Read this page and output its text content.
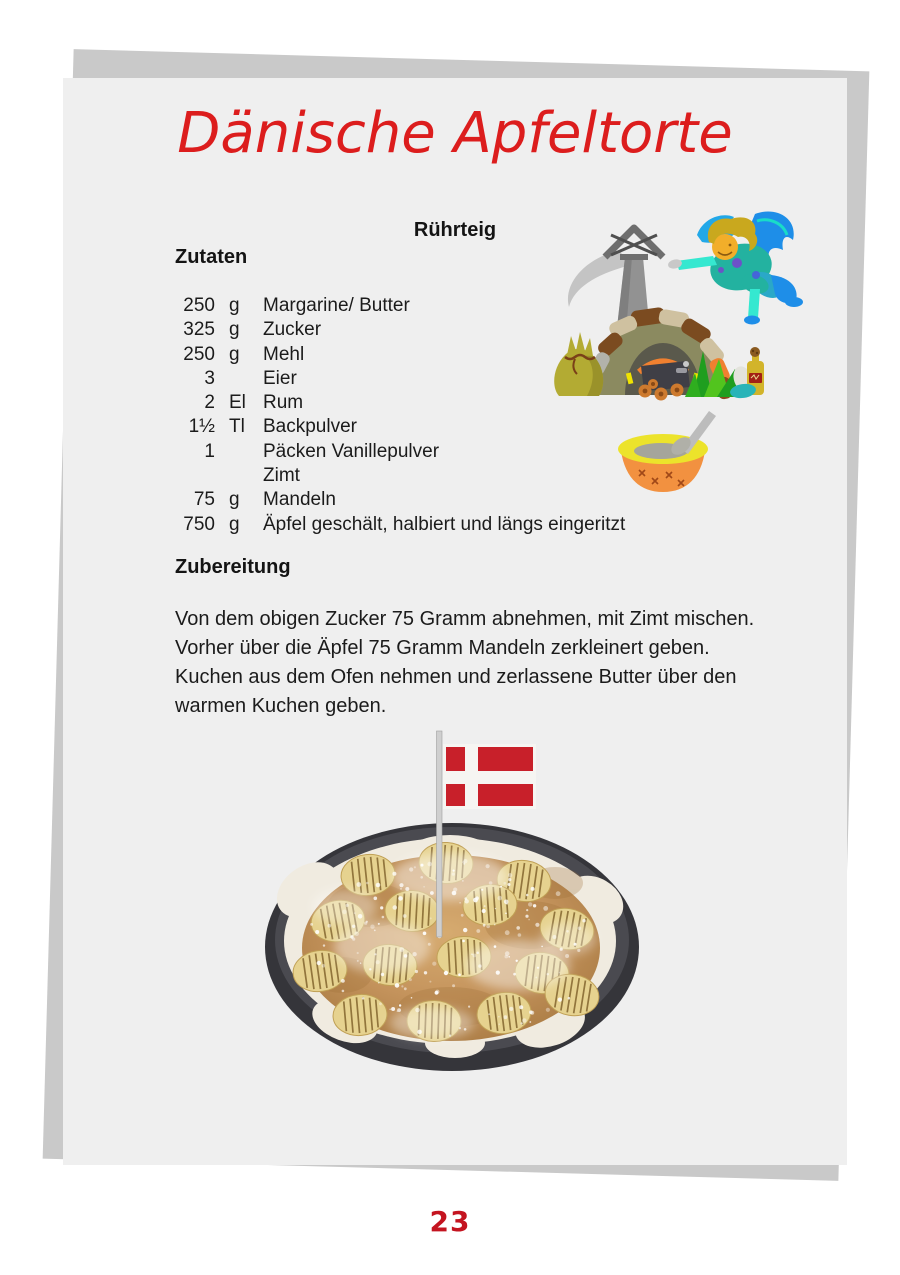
Dänische Apfeltorte
Rührteig
Zutaten
250 g	Margarine/ Butter
325 g	Zucker
250 g	Mehl
3	Eier
2 El Rum
1½ Tl Backpulver
1	Päcken Vanillepulver
Zimt
75 g	Mandeln
750 g	Äpfel geschält, halbiert und längs eingeritzt
Zubereitung
Von dem obigen Zucker 75 Gramm abnehmen, mit Zimt mischen.
Vorher über die Äpfel 75 Gramm Mandeln zerkleinert geben.
Kuchen aus dem Ofen nehmen und zerlassene Butter über den
warmen Kuchen geben.
23
